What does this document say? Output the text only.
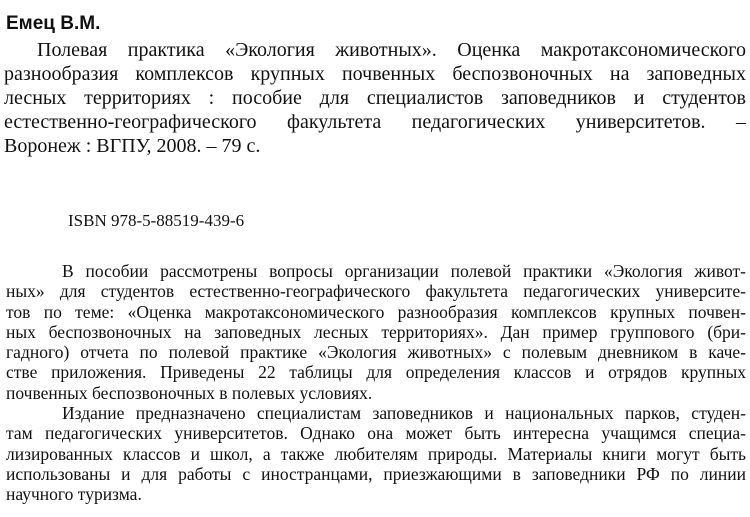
Емец В.М.
Полевая практика «Экология животных». Оценка макротаксономического
разнообразия комплексов крупных почвенных беспозвоночных на заповедных
лесных территориях : пособие для специалистов заповедников и студентов
естественно-географического факультета педагогических университетов. –
Воронеж : ВГПУ, 2008. – 79 с.
ISBN 978-5-88519-439-6
В пособии рассмотрены вопросы организации полевой практики «Экология живот-
ных» для студентов естественно-географического факультета педагогических университе-
тов по теме: «Оценка макротаксономического разнообразия комплексов крупных почвен-
ных беспозвоночных на заповедных лесных территориях». Дан пример группового (бри-
гадного) отчета по полевой практике «Экология животных» с полевым дневником в каче-
стве приложения. Приведены 22 таблицы для определения классов и отрядов крупных
почвенных беспозвоночных в полевых условиях.
Издание предназначено специалистам заповедников и национальных парков, студен-
там педагогических университетов. Однако она может быть интересна учащимся специа-
лизированных классов и школ, а также любителям природы. Материалы книги могут быть
использованы и для работы с иностранцами, приезжающими в заповедники РФ по линии
научного туризма.
